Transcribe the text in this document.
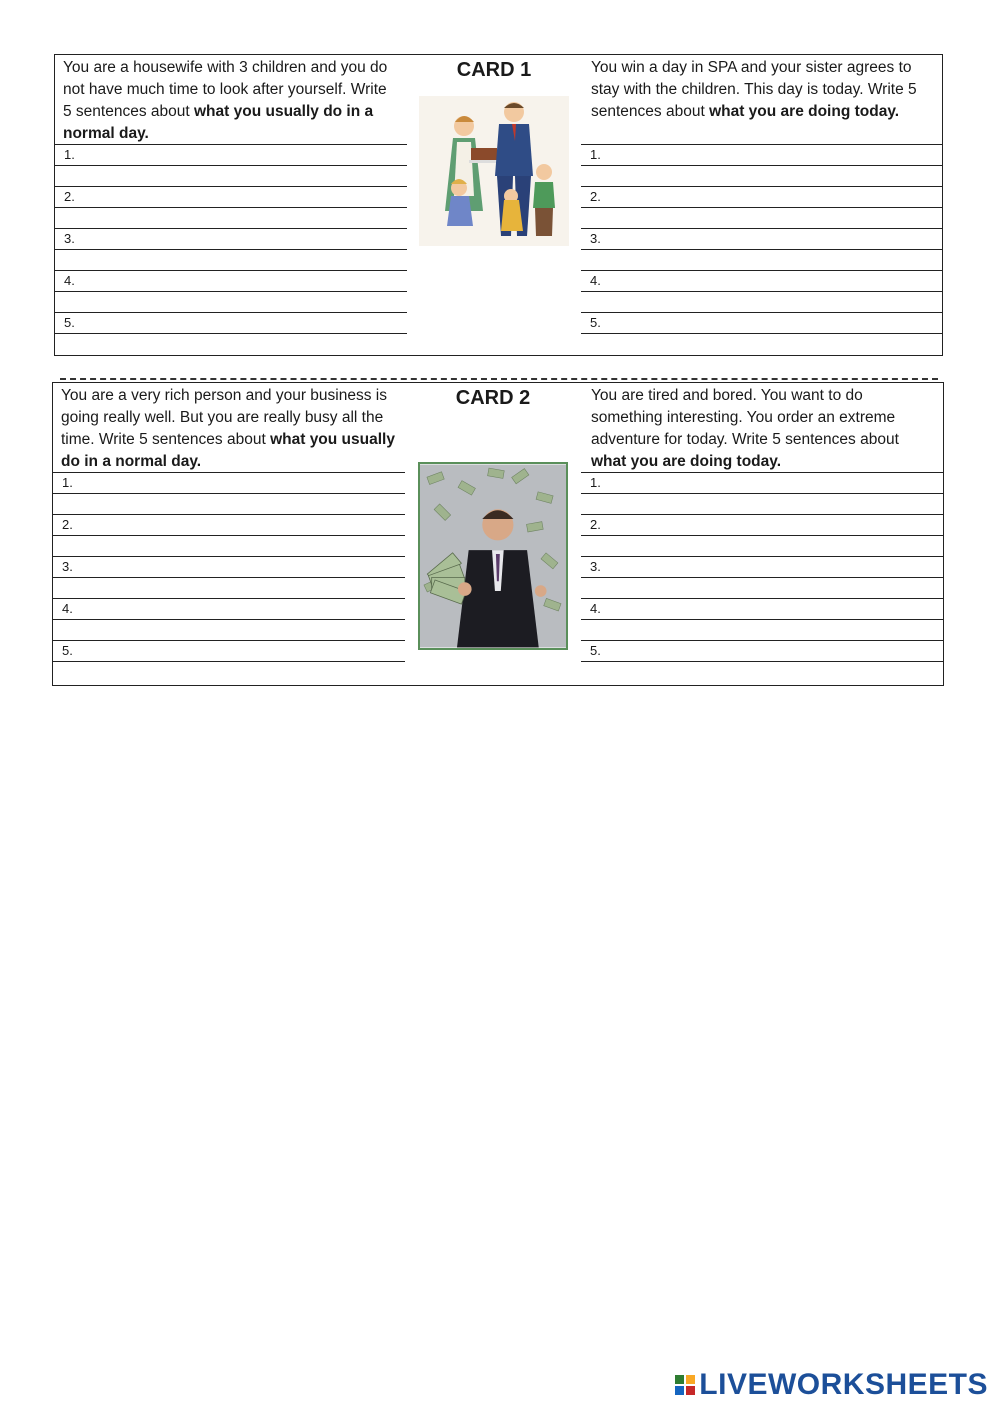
You are a housewife with 3 children and you do not have much time to look after yourself. Write 5 sentences about what you usually do in a normal day.
1.
2.
3.
4.
5.
CARD 1	You win a day in SPA and your sister agrees to stay with the children. This day is today. Write 5 sentences about what you are doing today.
1.
2.
3.
4.
5.
You are a very rich person and your business is going really well. But you are really busy all the time. Write 5 sentences about what you usually do in a normal day.
1.
2.
3.
4.
5.
CARD 2	You are tired and bored. You want to do something interesting. You order an extreme adventure for today. Write 5 sentences about what you are doing today.
1.
2.
3.
4.
5.
LIVEWORKSHEETS
